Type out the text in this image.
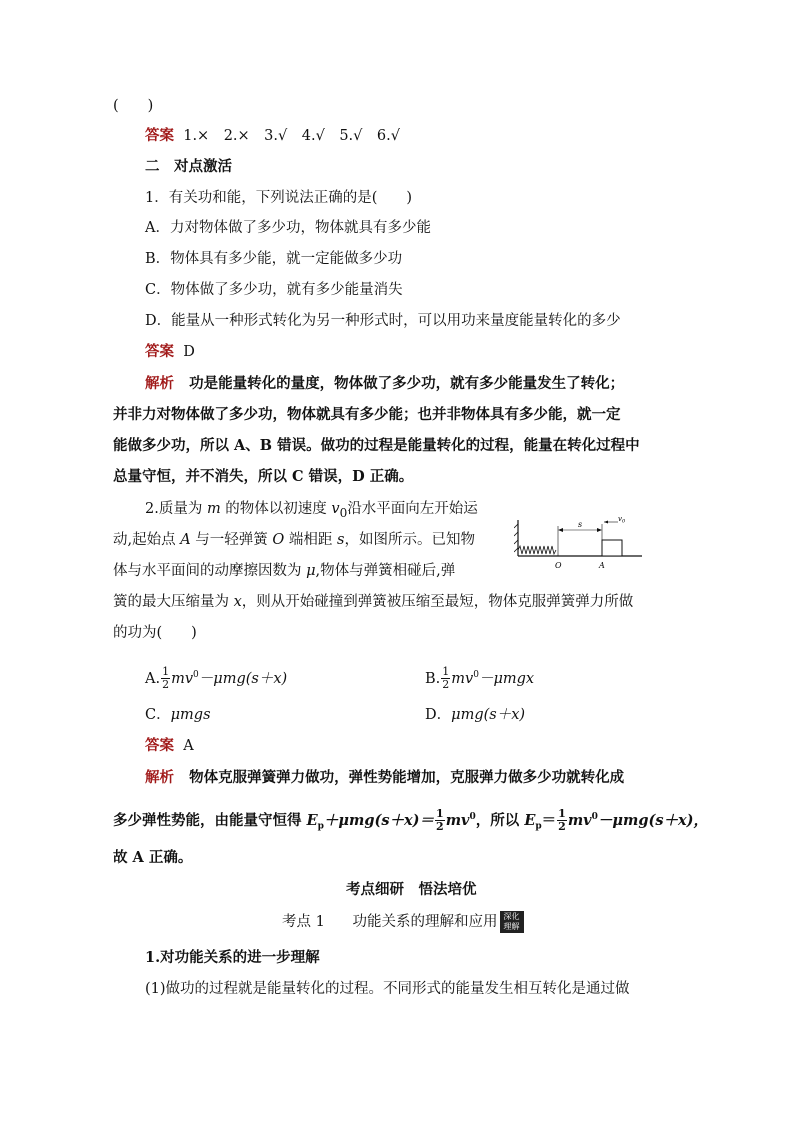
(　　)
答案 1.×　2.×　3.√　4.√　5.√　6.√
二　对点激活
1．有关功和能，下列说法正确的是(　　)
A．力对物体做了多少功，物体就具有多少能
B．物体具有多少能，就一定能做多少功
C．物体做了多少功，就有多少能量消失
D．能量从一种形式转化为另一种形式时，可以用功来量度能量转化的多少
答案 D
解析 功是能量转化的量度，物体做了多少功，就有多少能量发生了转化；
并非力对物体做了多少功，物体就具有多少能；也并非物体具有多少能，就一定
能做多少功，所以 A、B 错误。做功的过程是能量转化的过程，能量在转化过程中
总量守恒，并不消失，所以 C 错误，D 正确。
2.质量为 m 的物体以初速度 $v_0$沿水平面向左开始运
动,起始点 A 与一轻弹簧 O 端相距 s，如图所示。已知物
体与水平面间的动摩擦因数为 μ,物体与弹簧相碰后,弹
簧的最大压缩量为 x，则从开始碰撞到弹簧被压缩至最短，物体克服弹簧弹力所做
的功为(　　)
s
$v_0$
O	A
A. $\frac{1}{2} mv^0-\mu mg(s+x)$	B. $\frac{1}{2} mv^0-\mu mgx$
C．μmgs	D．μmg(s＋x)
答案 A
解析 物体克服弹簧弹力做功，弹性势能增加，克服弹力做多少功就转化成
多少弹性势能，由能量守恒得 $E_p+\mu mg(s+x)= \frac{1}{2} mv^0$，所以 $E_p= \frac{1}{2} mv^0-\mu mg(s+x)$，
故 A 正确。
考点细研　悟法培优
考点 1 功能关系的理解和应用 深化
理解
1.对功能关系的进一步理解
(1)做功的过程就是能量转化的过程。不同形式的能量发生相互转化是通过做
